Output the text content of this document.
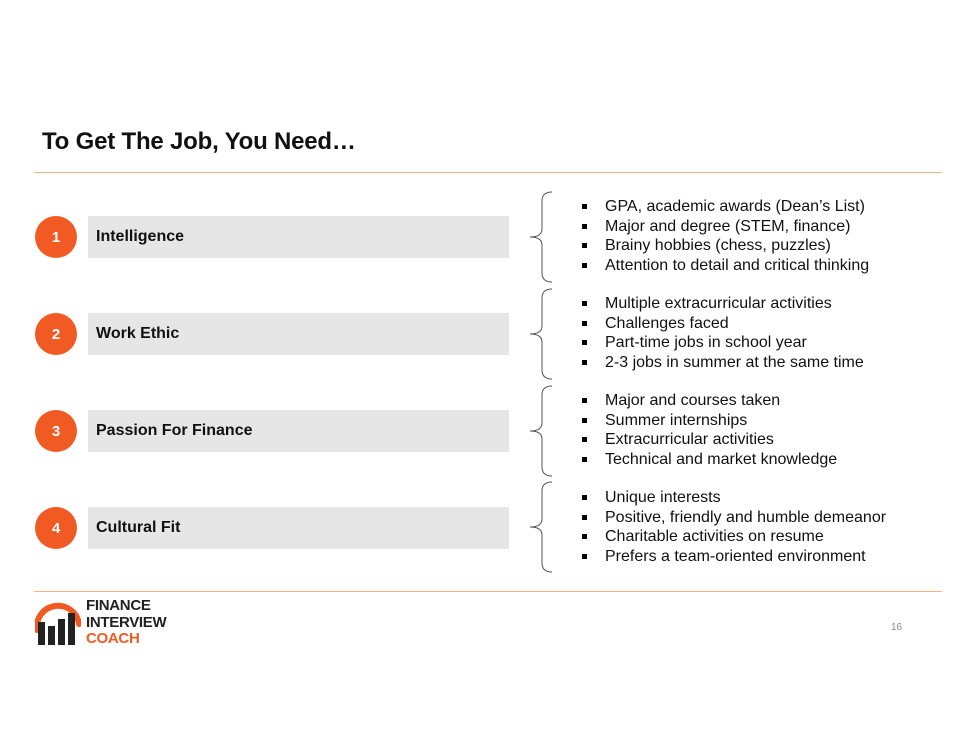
To Get The Job, You Need…
1	Intelligence
GPA, academic awards (Dean’s List)
Major and degree (STEM, finance)
Brainy hobbies (chess, puzzles)
Attention to detail and critical thinking
2	Work Ethic
Multiple extracurricular activities
Challenges faced
Part-time jobs in school year
2-3 jobs in summer at the same time
3	Passion For Finance
Major and courses taken
Summer internships
Extracurricular activities
Technical and market knowledge
4	Cultural Fit
Unique interests
Positive, friendly and humble demeanor
Charitable activities on resume
Prefers a team-oriented environment
FINANCE
INTERVIEW
COACH
16
